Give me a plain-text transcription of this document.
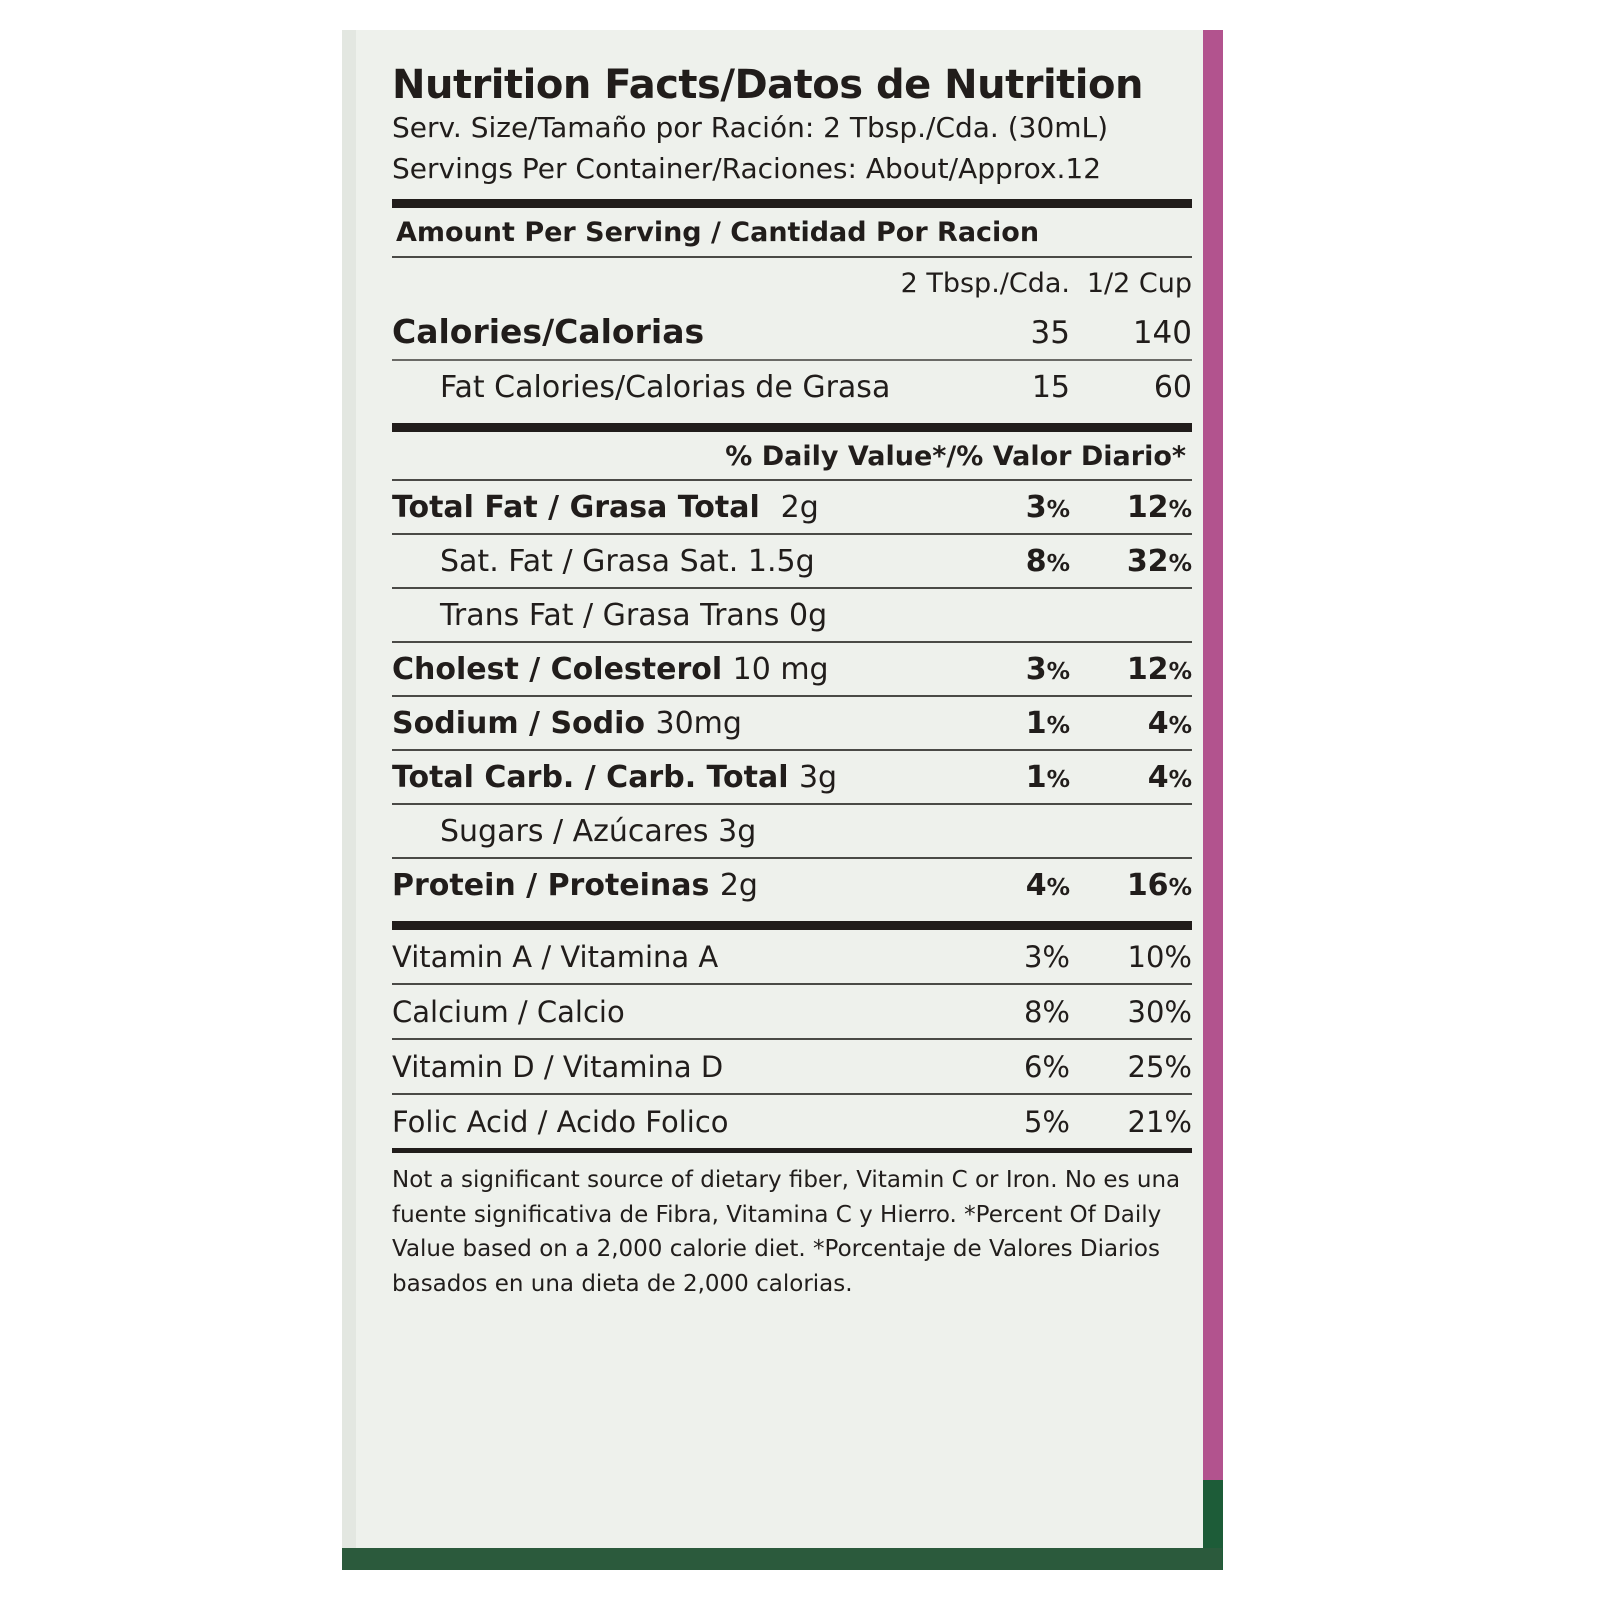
Nutrition Facts/Datos de Nutrition
Serv. Size/Tamaño por Ración: 2 Tbsp./Cda. (30mL)
Servings Per Container/Raciones: About/Approx.12
Amount Per Serving / Cantidad Por Racion
2 Tbsp./Cda. 1/2 Cup
Calories/Calorias	35	140
Fat Calories/Calorias de Grasa	15	60
% Daily Value*/% Valor Diario*
Total Fat / Grasa Total 2g	3%	12%
Sat. Fat / Grasa Sat. 1.5g	8%	32%
Trans Fat / Grasa Trans 0g
Cholest / Colesterol 10 mg	3%	12%
Sodium / Sodio 30mg	1%	4%
Total Carb. / Carb. Total 3g	1%	4%
Sugars / Azúcares 3g
Protein / Proteinas 2g	4%	16%
Vitamin A / Vitamina A	3%	10%
Calcium / Calcio	8%	30%
Vitamin D / Vitamina D	6%	25%
Folic Acid / Acido Folico	5%	21%
Not a significant source of dietary fiber, Vitamin C or Iron. No es una fuente significativa de Fibra, Vitamina C y Hierro. *Percent Of Daily Value based on a 2,000 calorie diet. *Porcentaje de Valores Diarios basados en una dieta de 2,000 calorias.
